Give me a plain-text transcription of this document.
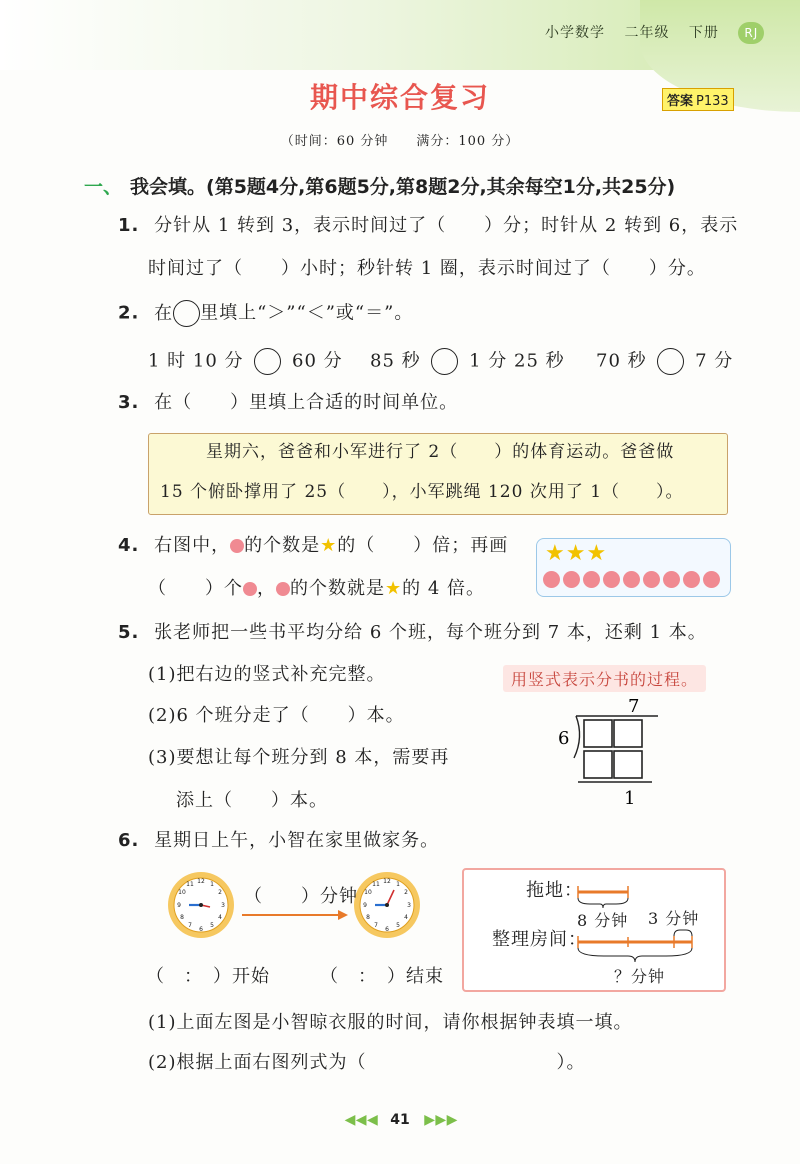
小学数学 二年级 下册 RJ
期中综合复习	答案 P133
（时间：60 分钟　　满分：100 分）
一、 我会填。(第5题4分,第6题5分,第8题2分,其余每空1分,共25分)
1. 分针从 1 转到 3，表示时间过了（　　）分；时针从 2 转到 6，表示
时间过了（　　）小时；秒针转 1 圈，表示时间过了（　　）分。
2. 在 里填上“＞”“＜”或“＝”。
1 时 10 分	60 分 85 秒	1 分 25 秒 70 秒	7 分
3. 在（　　）里填上合适的时间单位。
星期六，爸爸和小军进行了 2（　　）的体育运动。爸爸做
15 个俯卧撑用了 25（　　），小军跳绳 120 次用了 1（　　）。
4. 右图中， 的个数是★的（　　）倍；再画
（　　）个 ， 的个数就是★的 4 倍。
★★★
5. 张老师把一些书平均分给 6 个班，每个班分到 7 本，还剩 1 本。
(1)把右边的竖式补充完整。
(2)6 个班分走了（　　）本。
(3)要想让每个班分到 8 本，需要再
添上（　　）本。
用竖式表示分书的过程。
7
6
1
6. 星期日上午，小智在家里做家务。
12 1
2
3
4
5
6
7
8
9
10
11	12 1
2
3
4
5
6
7
8
9
10
11
（　　）分钟
（　：　）开始	（　：　）结束
拖地：
整理房间：
8 分钟 3 分钟
？分钟
(1)上面左图是小智晾衣服的时间，请你根据钟表填一填。
(2)根据上面右图列式为（　　　　　　　　　　）。
◀ ◀ ◀ 41 ▶ ▶ ▶
